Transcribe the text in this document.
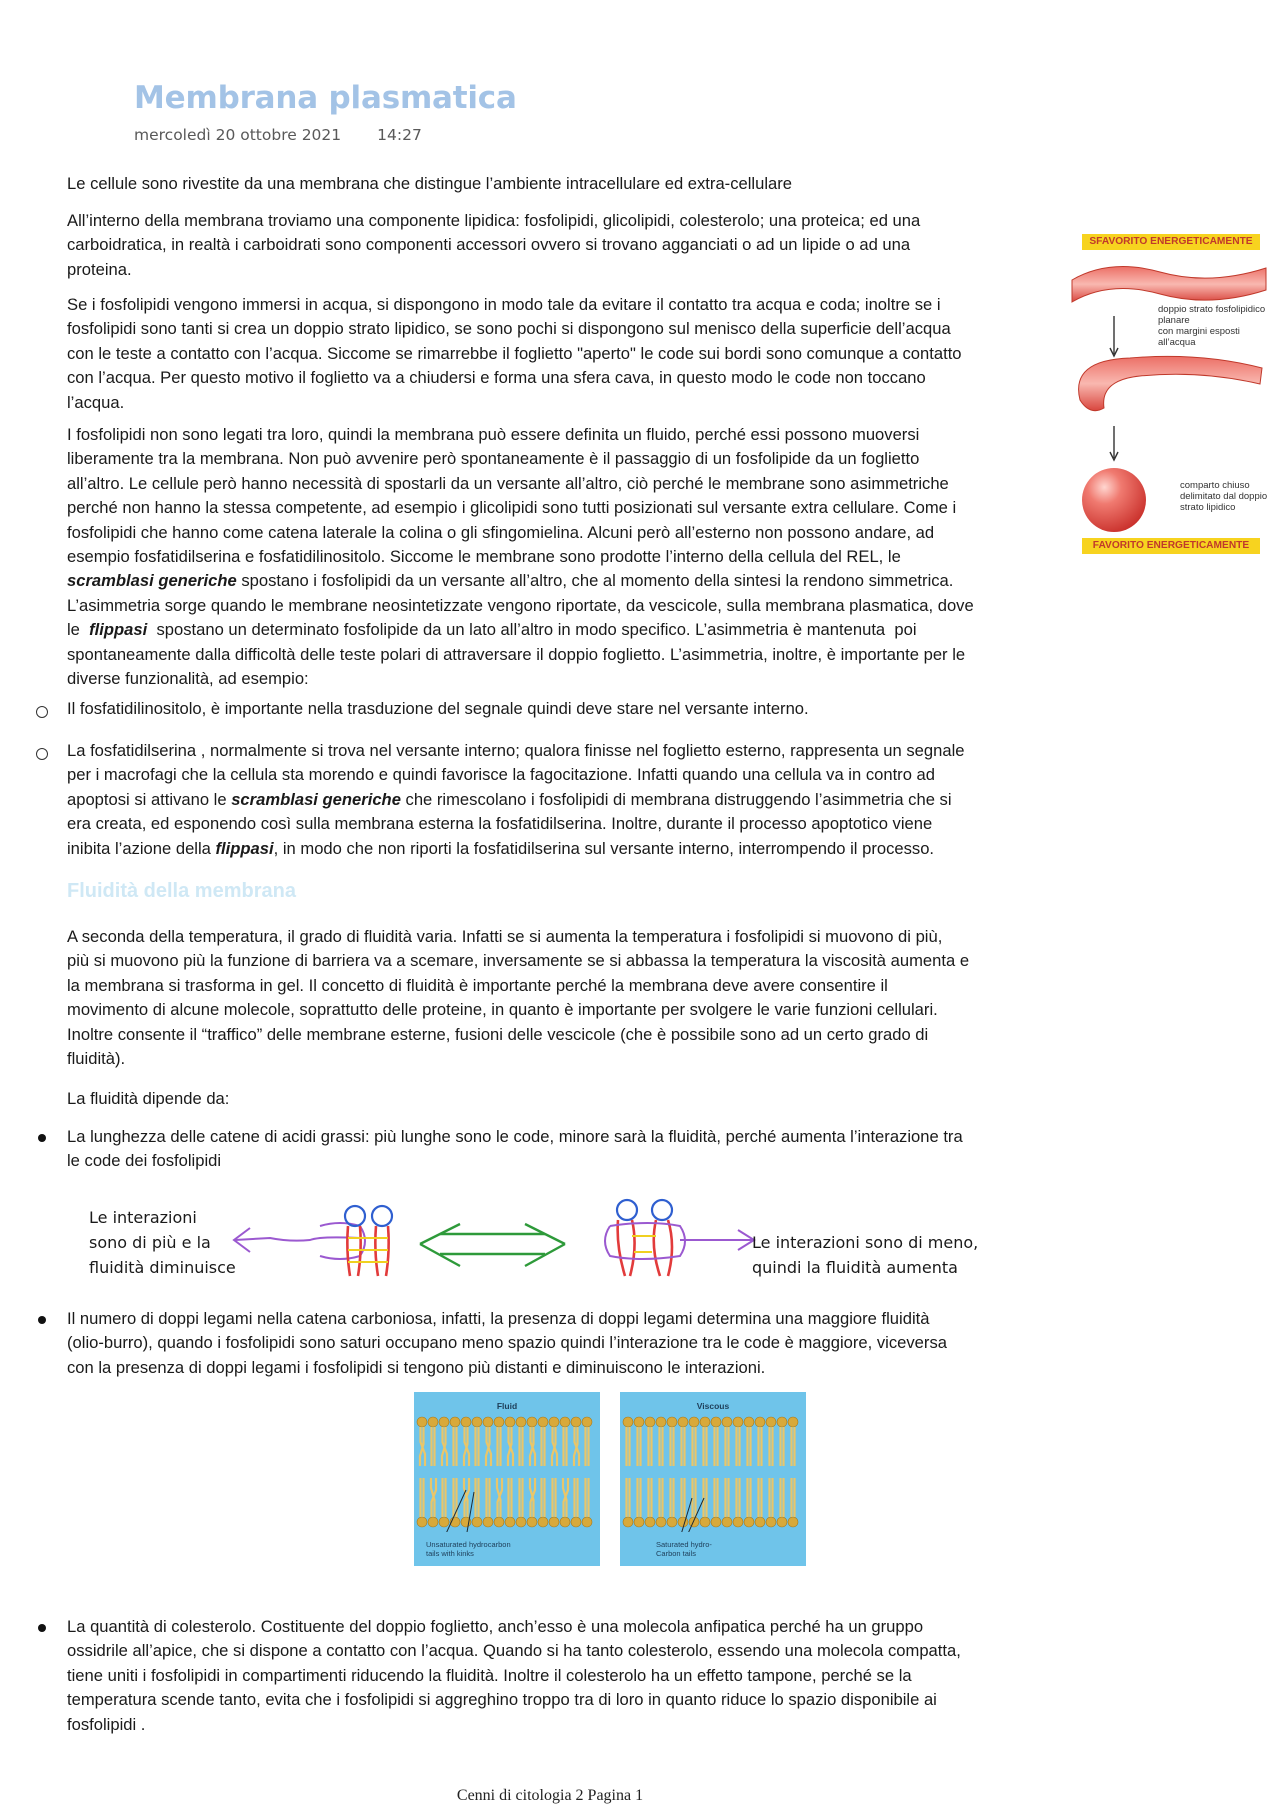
Membrana plasmatica
mercoledì 20 ottobre 2021 14:27
Le cellule sono rivestite da una membrana che distingue l’ambiente intracellulare ed extra-cellulare
All’interno della membrana troviamo una componente lipidica: fosfolipidi, glicolipidi, colesterolo; una proteica; ed una
carboidratica, in realtà i carboidrati sono componenti accessori ovvero si trovano agganciati o ad un lipide o ad una
proteina.
Se i fosfolipidi vengono immersi in acqua, si dispongono in modo tale da evitare il contatto tra acqua e coda; inoltre se i
fosfolipidi sono tanti si crea un doppio strato lipidico, se sono pochi si dispongono sul menisco della superficie dell’acqua
con le teste a contatto con l’acqua. Siccome se rimarrebbe il foglietto "aperto" le code sui bordi sono comunque a contatto
con l’acqua. Per questo motivo il foglietto va a chiudersi e forma una sfera cava, in questo modo le code non toccano
l’acqua.
I fosfolipidi non sono legati tra loro, quindi la membrana può essere definita un fluido, perché essi possono muoversi
liberamente tra la membrana. Non può avvenire però spontaneamente è il passaggio di un fosfolipide da un foglietto
all’altro. Le cellule però hanno necessità di spostarli da un versante all’altro, ciò perché le membrane sono asimmetriche
perché non hanno la stessa competente, ad esempio i glicolipidi sono tutti posizionati sul versante extra cellulare. Come i
fosfolipidi che hanno come catena laterale la colina o gli sfingomielina. Alcuni però all’esterno non possono andare, ad
esempio fosfatidilserina e fosfatidilinositolo. Siccome le membrane sono prodotte l’interno della cellula del REL, le
scramblasi generiche spostano i fosfolipidi da un versante all’altro, che al momento della sintesi la rendono simmetrica.
L’asimmetria sorge quando le membrane neosintetizzate vengono riportate, da vescicole, sulla membrana plasmatica, dove
le  flippasi  spostano un determinato fosfolipide da un lato all’altro in modo specifico. L’asimmetria è mantenuta  poi
spontaneamente dalla difficoltà delle teste polari di attraversare il doppio foglietto. L’asimmetria, inoltre, è importante per le
diverse funzionalità, ad esempio:
Il fosfatidilinositolo, è importante nella trasduzione del segnale quindi deve stare nel versante interno.
La fosfatidilserina , normalmente si trova nel versante interno; qualora finisse nel foglietto esterno, rappresenta un segnale
per i macrofagi che la cellula sta morendo e quindi favorisce la fagocitazione. Infatti quando una cellula va in contro ad
apoptosi si attivano le scramblasi generiche che rimescolano i fosfolipidi di membrana distruggendo l’asimmetria che si
era creata, ed esponendo così sulla membrana esterna la fosfatidilserina. Inoltre, durante il processo apoptotico viene
inibita l’azione della flippasi, in modo che non riporti la fosfatidilserina sul versante interno, interrompendo il processo.
Fluidità della membrana
A seconda della temperatura, il grado di fluidità varia. Infatti se si aumenta la temperatura i fosfolipidi si muovono di più,
più si muovono più la funzione di barriera va a scemare, inversamente se si abbassa la temperatura la viscosità aumenta e
la membrana si trasforma in gel. Il concetto di fluidità è importante perché la membrana deve avere consentire il
movimento di alcune molecole, soprattutto delle proteine, in quanto è importante per svolgere le varie funzioni cellulari.
Inoltre consente il “traffico” delle membrane esterne, fusioni delle vescicole (che è possibile sono ad un certo grado di
fluidità).
La fluidità dipende da:
La lunghezza delle catene di acidi grassi: più lunghe sono le code, minore sarà la fluidità, perché aumenta l’interazione tra
le code dei fosfolipidi
Le interazioni
sono di più e la
fluidità diminuisce
Le interazioni sono di meno,
quindi la fluidità aumenta
Il numero di doppi legami nella catena carboniosa, infatti, la presenza di doppi legami determina una maggiore fluidità
(olio-burro), quando i fosfolipidi sono saturi occupano meno spazio quindi l’interazione tra le code è maggiore, viceversa
con la presenza di doppi legami i fosfolipidi si tengono più distanti e diminuiscono le interazioni.
Fluid
Unsaturated hydrocarbon
tails with kinks
Viscous
Saturated hydro-
Carbon tails
La quantità di colesterolo. Costituente del doppio foglietto, anch’esso è una molecola anfipatica perché ha un gruppo
ossidrile all’apice, che si dispone a contatto con l’acqua. Quando si ha tanto colesterolo, essendo una molecola compatta,
tiene uniti i fosfolipidi in compartimenti riducendo la fluidità. Inoltre il colesterolo ha un effetto tampone, perché se la
temperatura scende tanto, evita che i fosfolipidi si aggreghino troppo tra di loro in quanto riduce lo spazio disponibile ai
fosfolipidi .
SFAVORITO ENERGETICAMENTE
doppio strato fosfolipidico planare
con margini esposti all’acqua
comparto chiuso
delimitato dal doppio
strato lipidico
FAVORITO ENERGETICAMENTE
Cenni di citologia 2 Pagina 1
